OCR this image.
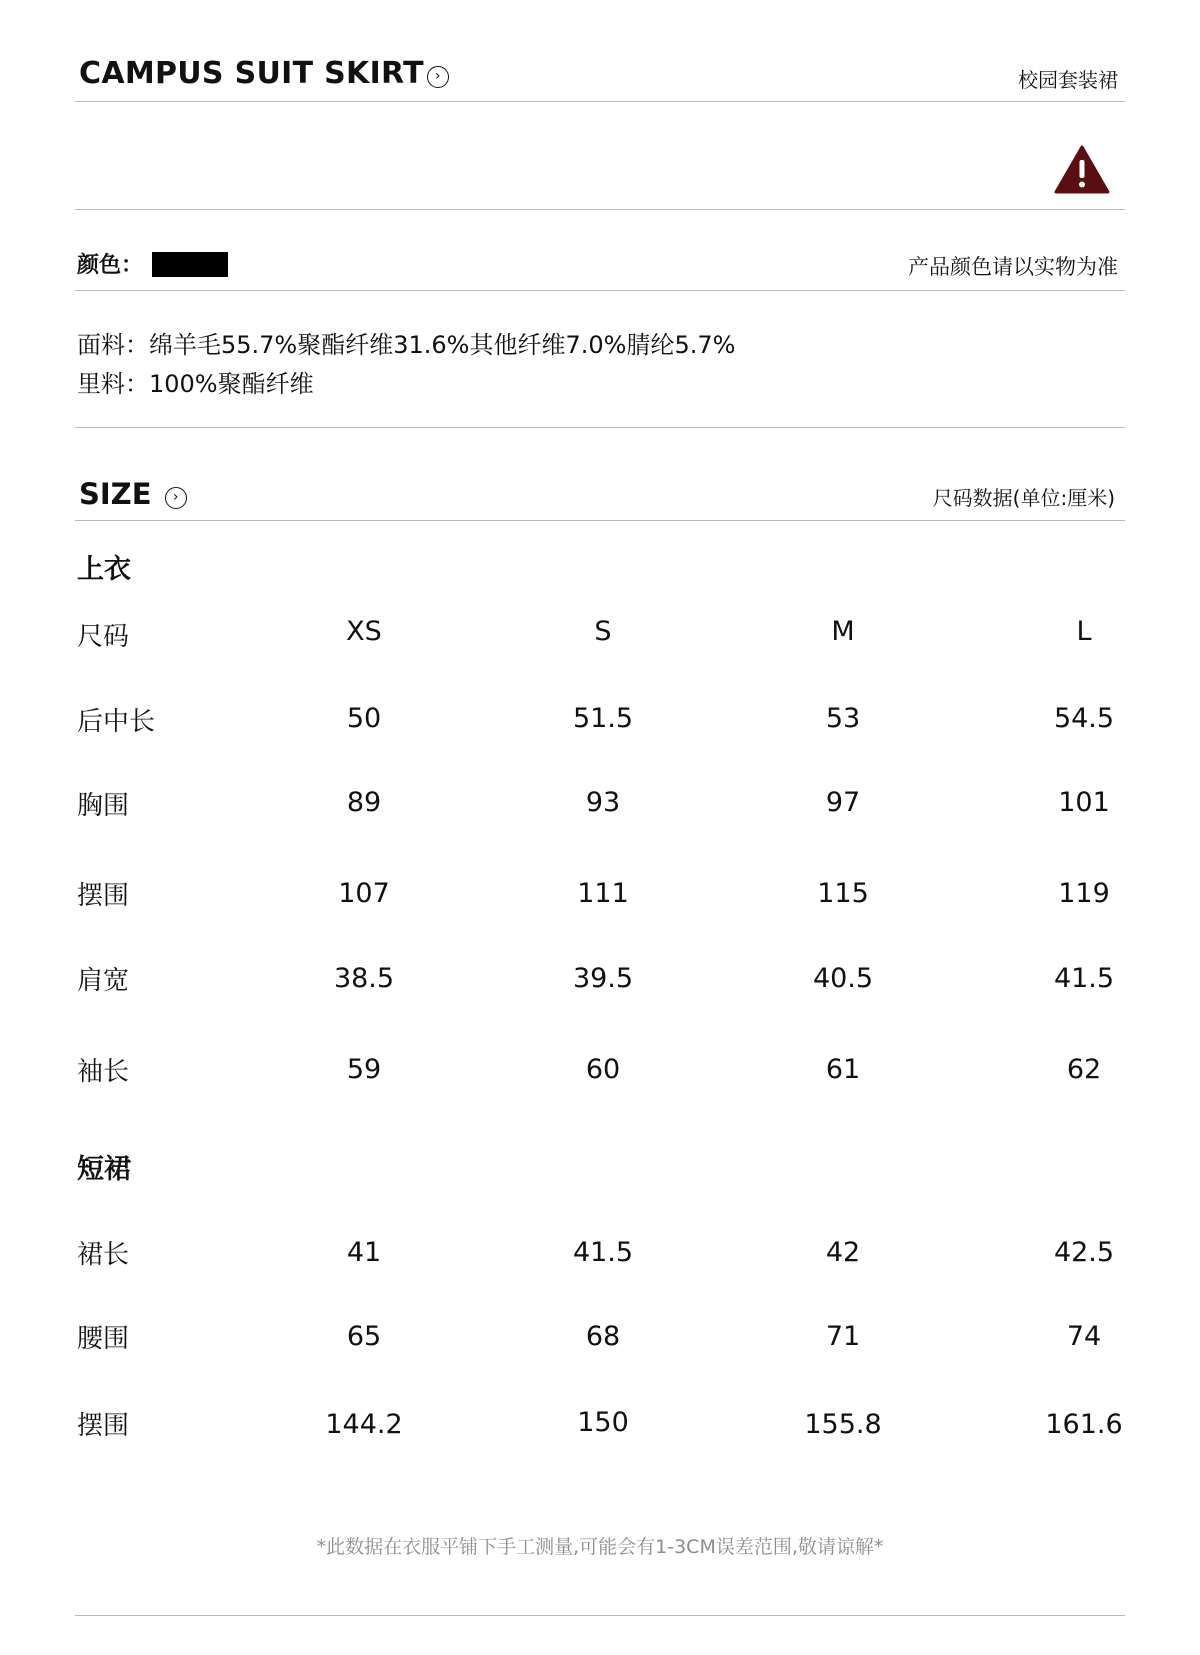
CAMPUS SUIT SKIRT ›	校园套装裙
颜色：	产品颜色请以实物为准
面料：绵羊毛55.7%聚酯纤维31.6%其他纤维7.0%腈纶5.7%
里料：100%聚酯纤维
SIZE ›	尺码数据(单位:厘米)
上衣
尺码	XS	S	M	L
后中长	50	51.5	53	54.5
胸围	89	93	97	101
摆围	107	111	115	119
肩宽	38.5	39.5	40.5	41.5
袖长	59	60	61	62
短裙
裙长	41	41.5	42	42.5
腰围	65	68	71	74
摆围	144.2	150	155.8	161.6
*此数据在衣服平铺下手工测量,可能会有1-3CM误差范围,敬请谅解*
